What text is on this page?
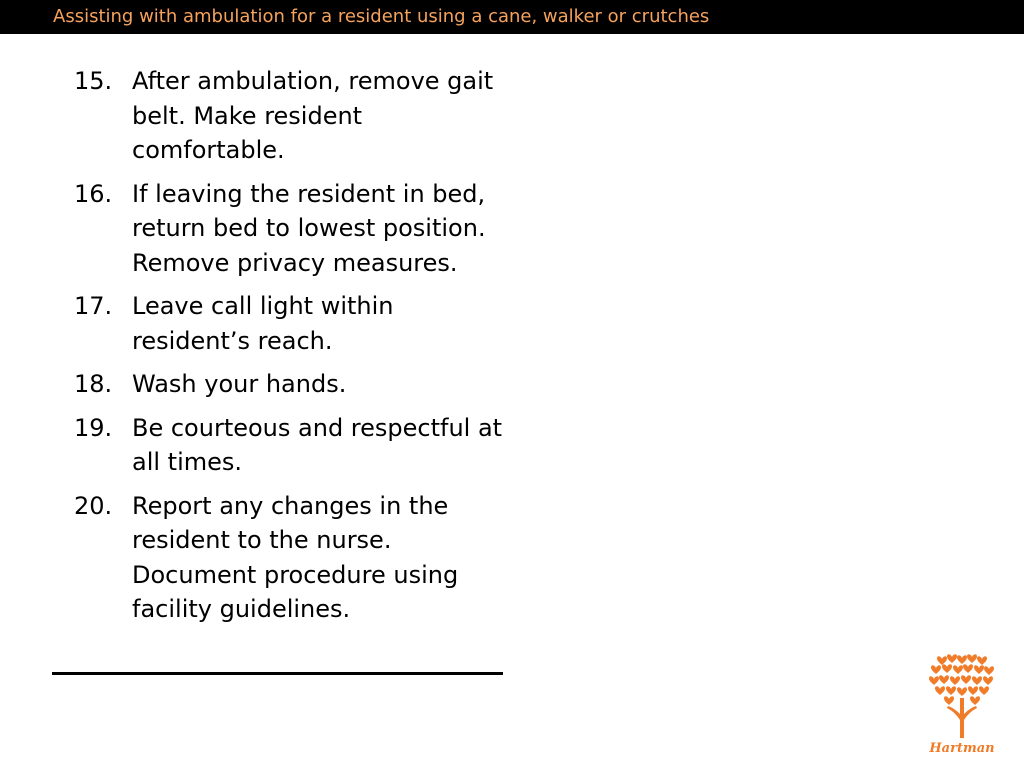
Assisting with ambulation for a resident using a cane, walker or crutches
15. After ambulation, remove gait belt. Make resident comfortable.
16. If leaving the resident in bed, return bed to lowest position. Remove privacy measures.
17. Leave call light within resident’s reach.
18. Wash your hands.
19. Be courteous and respectful at all times.
20. Report any changes in the resident to the nurse. Document procedure using facility guidelines.
Hartman
